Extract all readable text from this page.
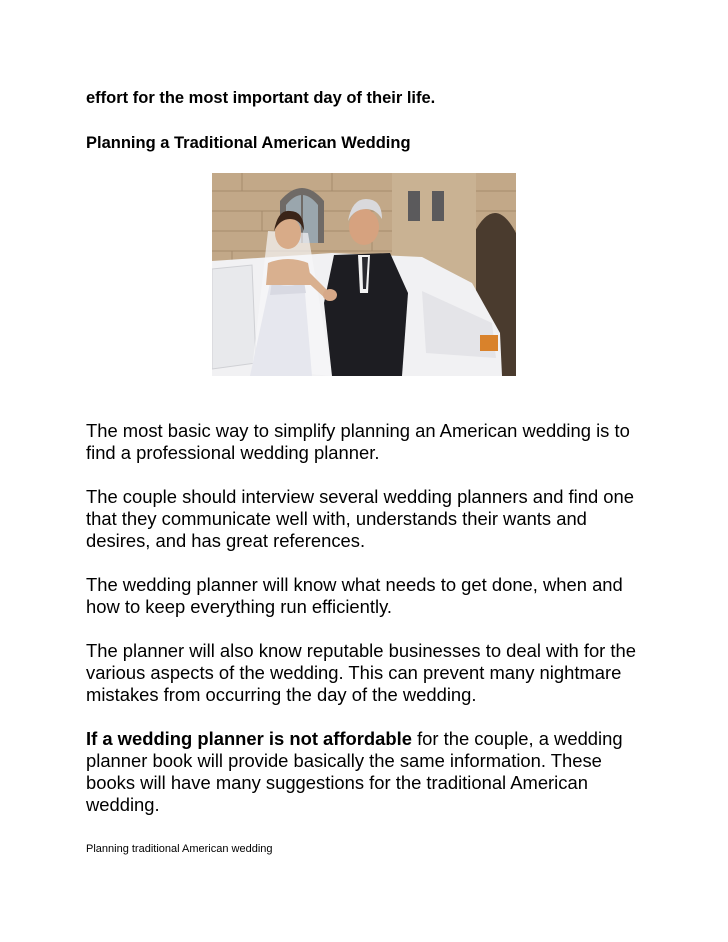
effort for the most important day of their life.
Planning a Traditional American Wedding

The most basic way to simplify planning an American wedding is to find a professional wedding planner.

The couple should interview several wedding planners and find one that they communicate well with, understands their wants and desires, and has great references.

The wedding planner will know what needs to get done, when and how to keep everything run efficiently.

The planner will also know reputable businesses to deal with for the various aspects of the wedding. This can prevent many nightmare mistakes from occurring the day of the wedding.

If a wedding planner is not affordable for the couple, a wedding planner book will provide basically the same information. These books will have many suggestions for the traditional American wedding.

Planning traditional American wedding
